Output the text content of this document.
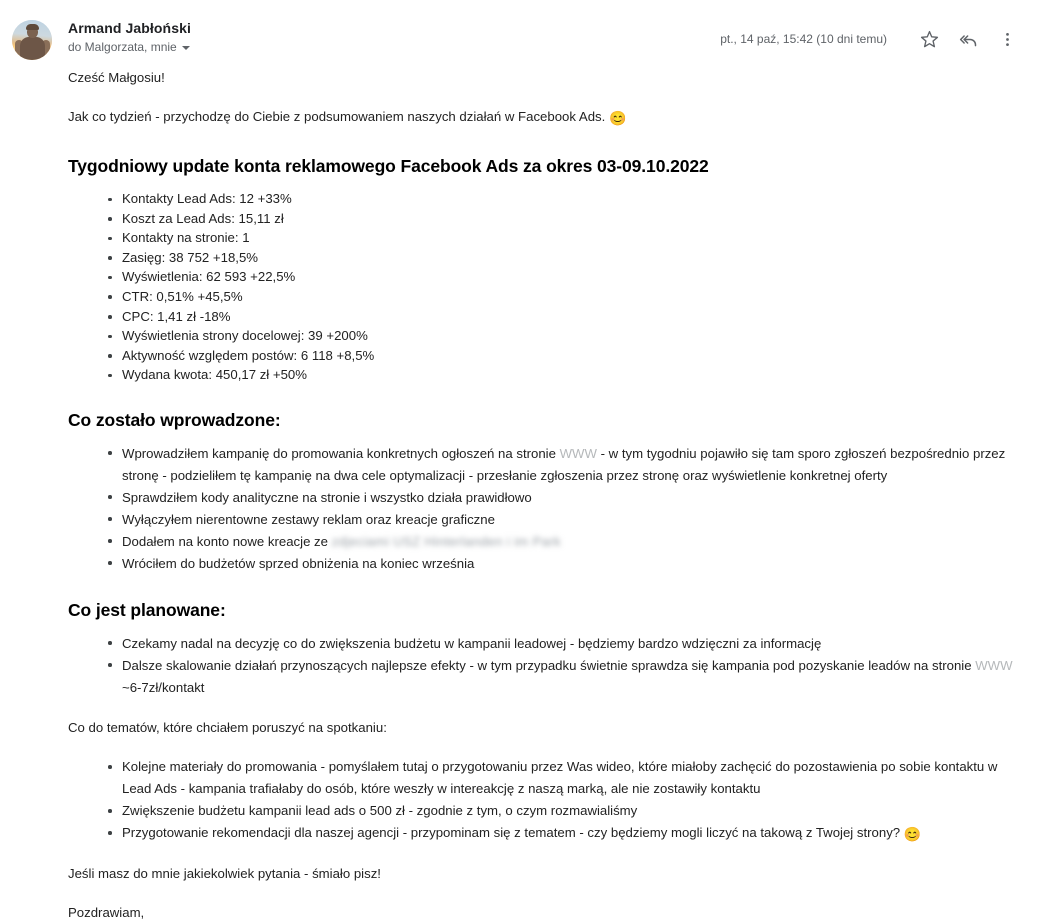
Armand Jabłoński
do Malgorzata, mnie
pt., 14 paź, 15:42 (10 dni temu)

Cześć Małgosiu!

Jak co tydzień - przychodzę do Ciebie z podsumowaniem naszych działań w Facebook Ads. 😊

Tygodniowy update konta reklamowego Facebook Ads za okres 03-09.10.2022
Kontakty Lead Ads: 12 +33%
Koszt za Lead Ads: 15,11 zł
Kontakty na stronie: 1
Zasięg: 38 752 +18,5%
Wyświetlenia: 62 593 +22,5%
CTR: 0,51% +45,5%
CPC: 1,41 zł -18%
Wyświetlenia strony docelowej: 39 +200%
Aktywność względem postów: 6 118 +8,5%
Wydana kwota: 450,17 zł +50%
Co zostało wprowadzone:
Wprowadziłem kampanię do promowania konkretnych ogłoszeń na stronie WWW - w tym tygodniu pojawiło się tam sporo zgłoszeń bezpośrednio przez stronę - podzieliłem tę kampanię na dwa cele optymalizacji - przesłanie zgłoszenia przez stronę oraz wyświetlenie konkretnej oferty
Sprawdziłem kody analityczne na stronie i wszystko działa prawidłowo
Wyłączyłem nierentowne zestawy reklam oraz kreacje graficzne
Dodałem na konto nowe kreacje ze zdjeciami USZ Hinterlanden i im Park
Wróciłem do budżetów sprzed obniżenia na koniec września
Co jest planowane:
Czekamy nadal na decyzję co do zwiększenia budżetu w kampanii leadowej - będziemy bardzo wdzięczni za informację
Dalsze skalowanie działań przynoszących najlepsze efekty - w tym przypadku świetnie sprawdza się kampania pod pozyskanie leadów na stronie WWW ~6-7zł/kontakt

Co do tematów, które chciałem poruszyć na spotkaniu:

Kolejne materiały do promowania - pomyślałem tutaj o przygotowaniu przez Was wideo, które miałoby zachęcić do pozostawienia po sobie kontaktu w Lead Ads - kampania trafiałaby do osób, które weszły w intereakcję z naszą marką, ale nie zostawiły kontaktu
Zwiększenie budżetu kampanii lead ads o 500 zł - zgodnie z tym, o czym rozmawialiśmy
Przygotowanie rekomendacji dla naszej agencji - przypominam się z tematem - czy będziemy mogli liczyć na takową z Twojej strony? 😊

Jeśli masz do mnie jakiekolwiek pytania - śmiało pisz!

Pozdrawiam,
